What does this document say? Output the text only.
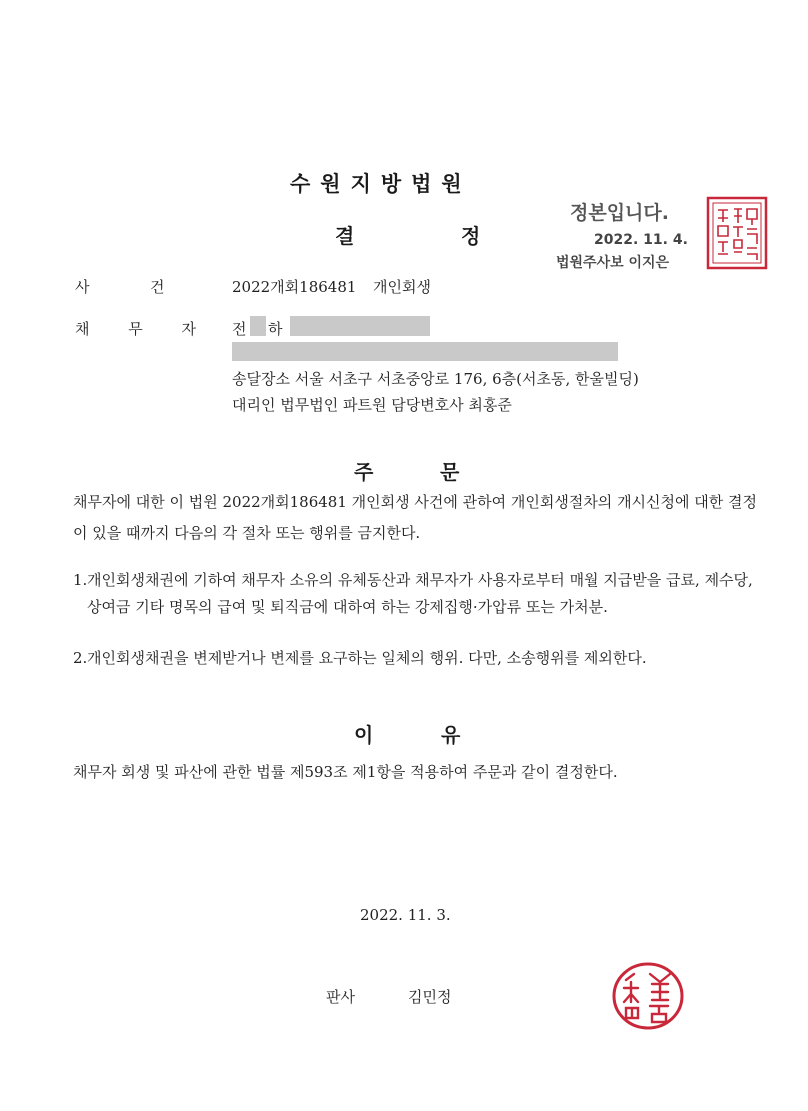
수원지방법원
결	정
정본입니다.
2022. 11. 4.
법원주사보 이지은
사	건	2022개회186481 개인회생
채 무 자 전 하
송달장소 서울 서초구 서초중앙로 176, 6층(서초동, 한울빌딩)
대리인 법무법인 파트원 담당변호사 최홍준
주	문
채무자에 대한 이 법원 2022개회186481 개인회생 사건에 관하여 개인회생절차의 개시신청에 대한 결정이 있을 때까지 다음의 각 절차 또는 행위를 금지한다.
1. 개인회생채권에 기하여 채무자 소유의 유체동산과 채무자가 사용자로부터 매월 지급받을 급료, 제수당, 상여금 기타 명목의 급여 및 퇴직금에 대하여 하는 강제집행·가압류 또는 가처분.
2. 개인회생채권을 변제받거나 변제를 요구하는 일체의 행위. 다만, 소송행위를 제외한다.
이	유
채무자 회생 및 파산에 관한 법률 제593조 제1항을 적용하여 주문과 같이 결정한다.
2022. 11. 3.
판사	김민정
